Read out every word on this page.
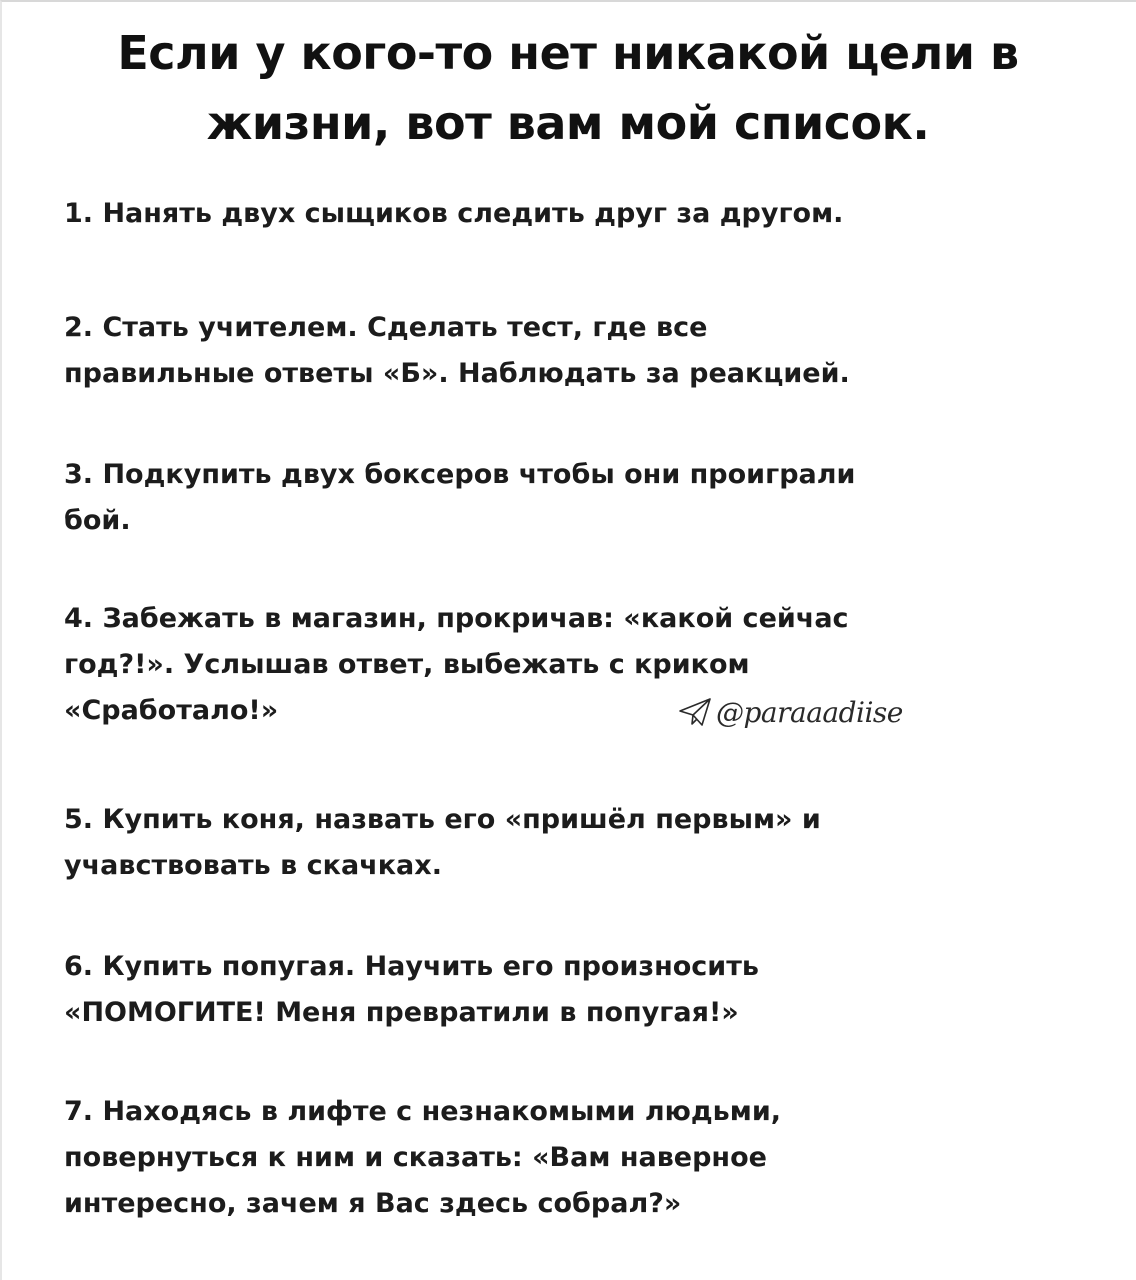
Если у кого-то нет никакой цели в
жизни, вот вам мой список.
1. Нанять двух сыщиков следить друг за другом.
2. Стать учителем. Сделать тест, где все
правильные ответы «Б». Наблюдать за реакцией.
3. Подкупить двух боксеров чтобы они проиграли
бой.
4. Забежать в магазин, прокричав: «какой сейчас
год?!». Услышав ответ, выбежать с криком
«Сработало!»
5. Купить коня, назвать его «пришёл первым» и
учавствовать в скачках.
6. Купить попугая. Научить его произносить
«ПОМОГИТЕ! Меня превратили в попугая!»
7. Находясь в лифте с незнакомыми людьми,
повернуться к ним и сказать: «Вам наверное
интересно, зачем я Вас здесь собрал?»
@paraaadiise
